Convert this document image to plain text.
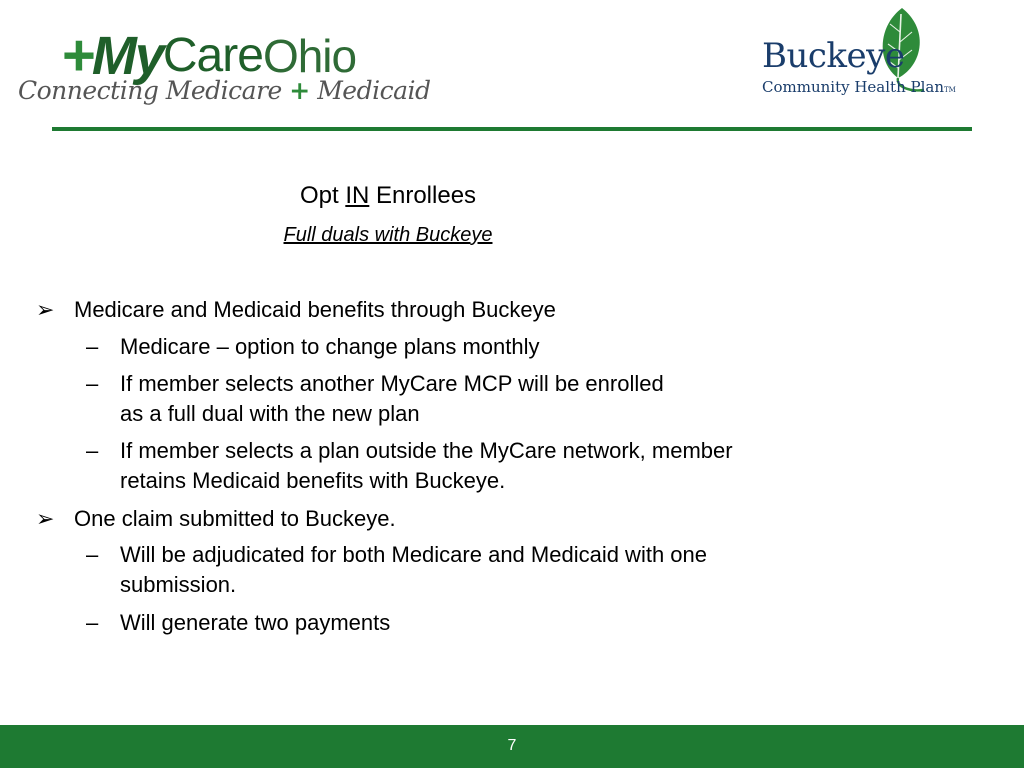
+
My Care Ohio
Connecting Medicare + Medicaid
Buckeye
Community Health PlanTM
Opt IN Enrollees
Full duals with Buckeye
➢ Medicare and Medicaid benefits through Buckeye
– Medicare – option to change plans monthly
– If member selects another MyCare MCP will be enrolled as a full dual with the new plan
– If member selects a plan outside the MyCare network, member retains Medicaid benefits with Buckeye.
➢ One claim submitted to Buckeye.
– Will be adjudicated for both Medicare and Medicaid with one submission.
– Will generate two payments
7
